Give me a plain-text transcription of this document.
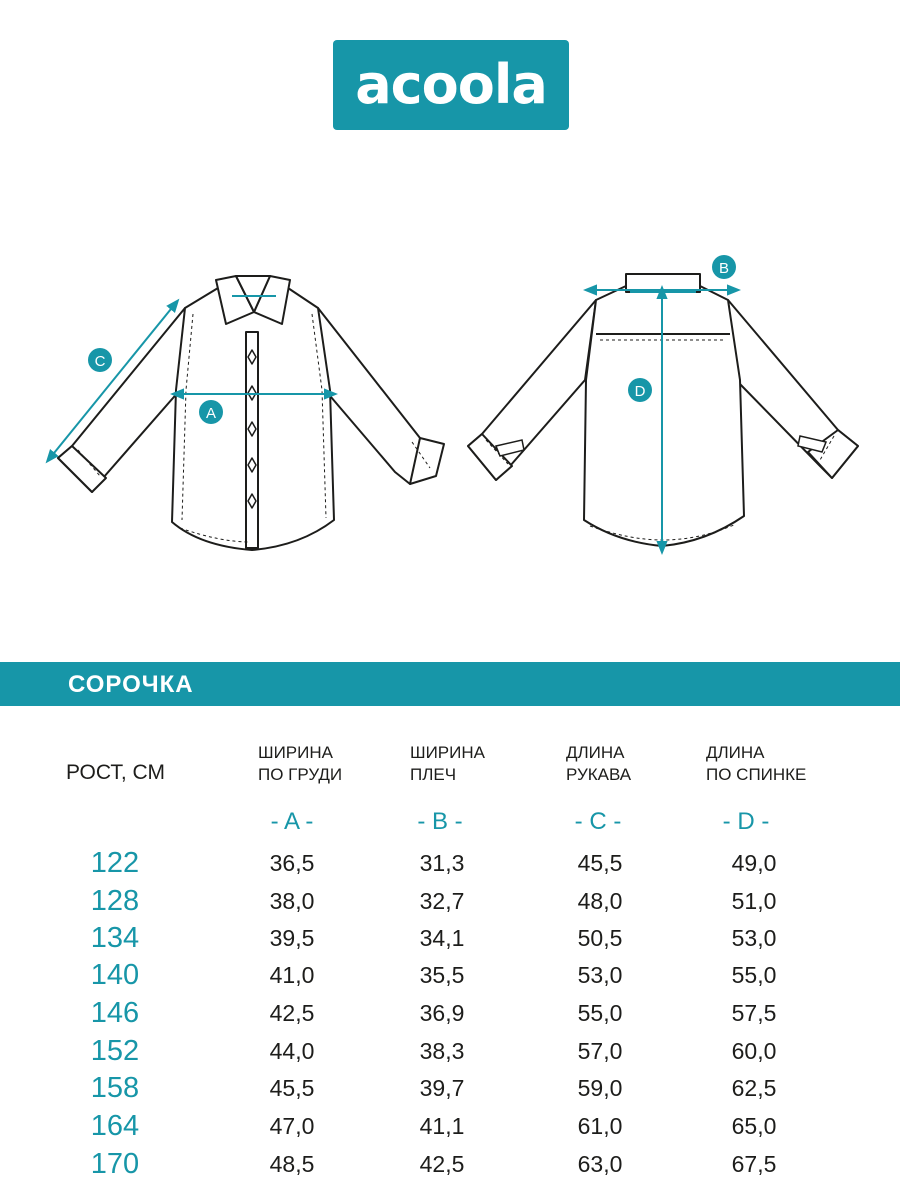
acoola
A
C
B
D
СОРОЧКА
РОСТ, СМ
ШИРИНА
ПО ГРУДИ
ШИРИНА
ПЛЕЧ
ДЛИНА
РУКАВА
ДЛИНА
ПО СПИНКЕ
- A -	- B -	- C -	- D -
122	36,5	31,3	45,5	49,0
128	38,0	32,7	48,0	51,0
134	39,5	34,1	50,5	53,0
140	41,0	35,5	53,0	55,0
146	42,5	36,9	55,0	57,5
152	44,0	38,3	57,0	60,0
158	45,5	39,7	59,0	62,5
164	47,0	41,1	61,0	65,0
170	48,5	42,5	63,0	67,5
